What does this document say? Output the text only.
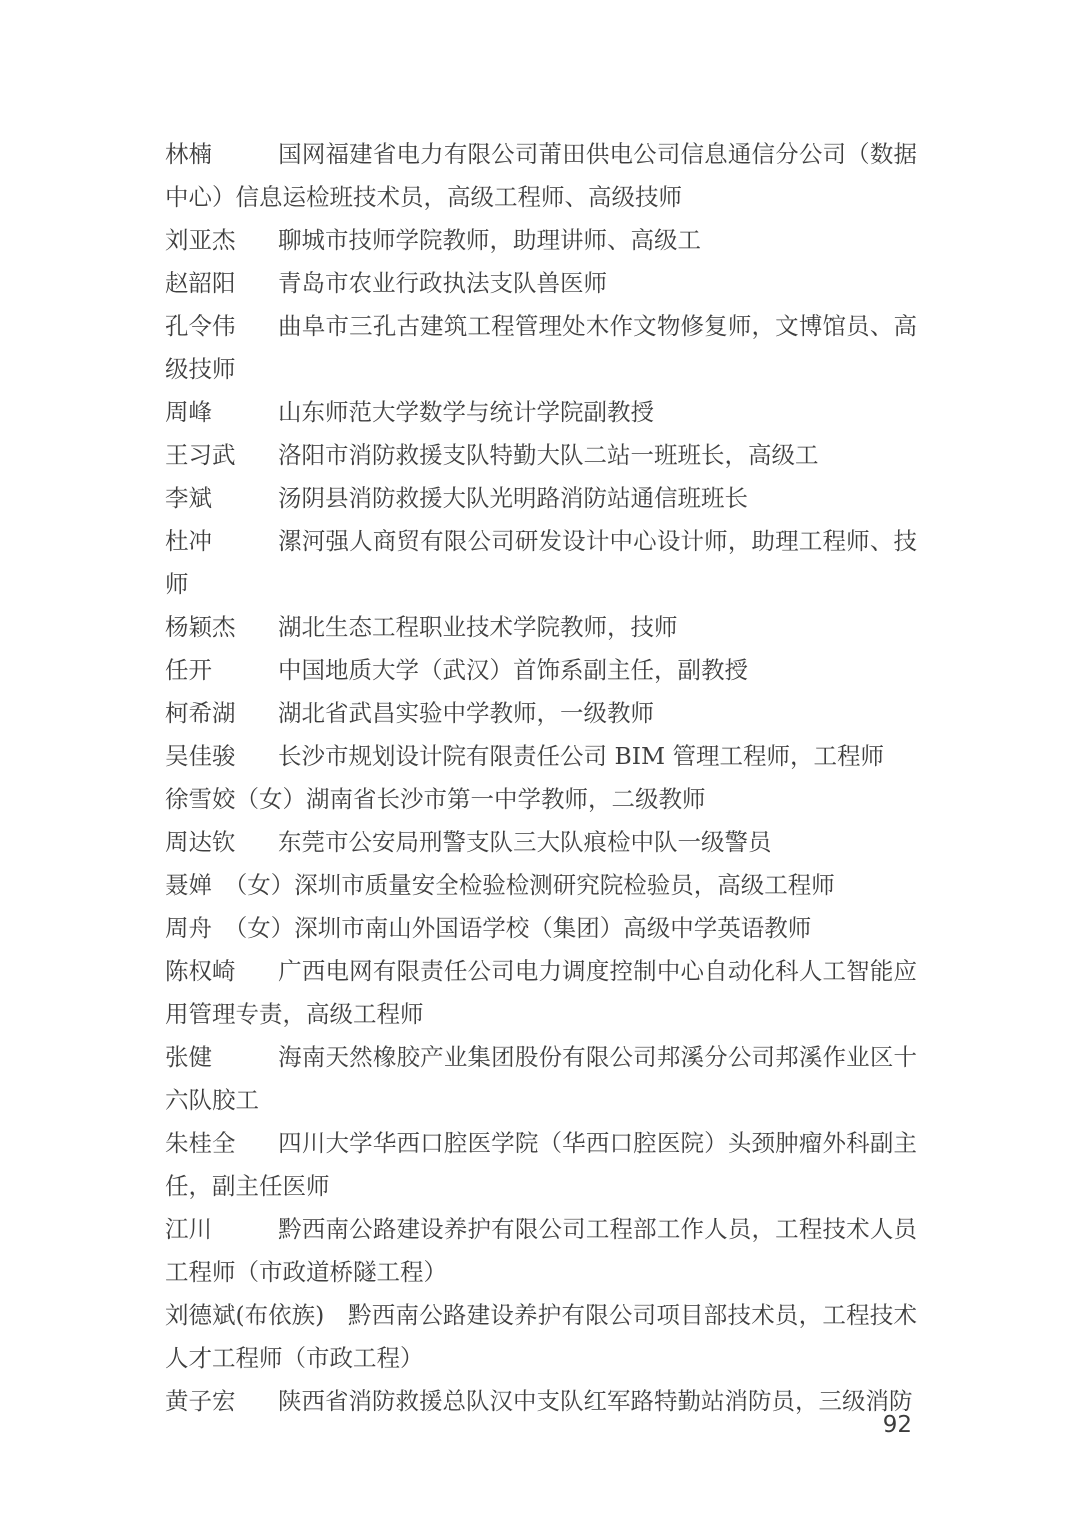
林楠	国网福建省电力有限公司莆田供电公司信息通信分公司（数据中心）信息运检班技术员，高级工程师、高级技师

刘亚杰 聊城市技师学院教师，助理讲师、高级工

赵韶阳 青岛市农业行政执法支队兽医师

孔令伟 曲阜市三孔古建筑工程管理处木作文物修复师，文博馆员、高级技师

周峰	山东师范大学数学与统计学院副教授

王习武 洛阳市消防救援支队特勤大队二站一班班长，高级工

李斌	汤阴县消防救援大队光明路消防站通信班班长

杜冲	漯河强人商贸有限公司研发设计中心设计师，助理工程师、技师

杨颖杰 湖北生态工程职业技术学院教师，技师

任开	中国地质大学（武汉）首饰系副主任，副教授

柯希湖 湖北省武昌实验中学教师，一级教师

吴佳骏 长沙市规划设计院有限责任公司 BIM 管理工程师，工程师

徐雪姣（女）湖南省长沙市第一中学教师，二级教师

周达钦 东莞市公安局刑警支队三大队痕检中队一级警员

聂婵　（女）深圳市质量安全检验检测研究院检验员，高级工程师

周舟　（女）深圳市南山外国语学校（集团）高级中学英语教师

陈权崎 广西电网有限责任公司电力调度控制中心自动化科人工智能应用管理专责，高级工程师

张健	海南天然橡胶产业集团股份有限公司邦溪分公司邦溪作业区十六队胶工

朱桂全 四川大学华西口腔医学院（华西口腔医院）头颈肿瘤外科副主任，副主任医师

江川	黔西南公路建设养护有限公司工程部工作人员，工程技术人员工程师（市政道桥隧工程）

刘德斌(布依族)　黔西南公路建设养护有限公司项目部技术员，工程技术人才工程师（市政工程）

黄子宏 陕西省消防救援总队汉中支队红军路特勤站消防员，三级消防

92
